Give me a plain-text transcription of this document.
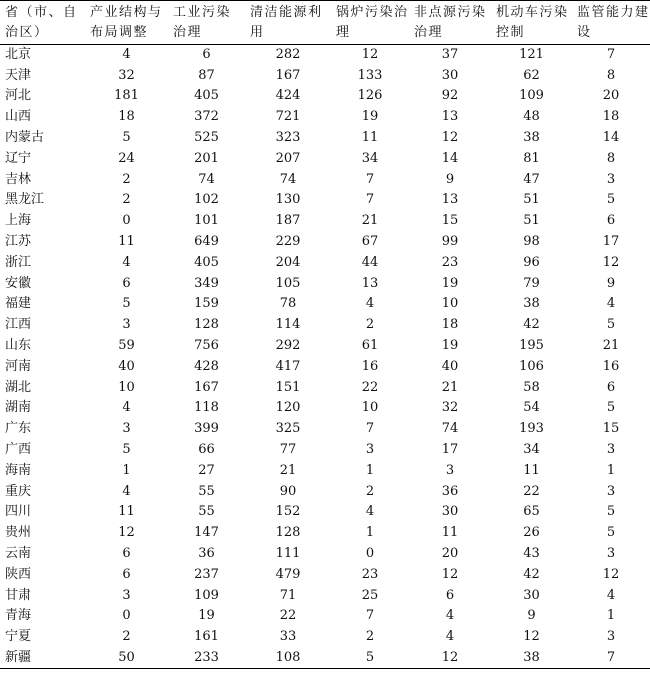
省（市、自治区）	产业结构与布局调整	工业污染治理	清洁能源利用	锅炉污染治理	非点源污染治理	机动车污染控制	监管能力建设
北京	4	6	282	12	37	121	7
天津	32	87	167	133	30	62	8
河北	181	405	424	126	92	109	20
山西	18	372	721	19	13	48	18
内蒙古	5	525	323	11	12	38	14
辽宁	24	201	207	34	14	81	8
吉林	2	74	74	7	9	47	3
黑龙江	2	102	130	7	13	51	5
上海	0	101	187	21	15	51	6
江苏	11	649	229	67	99	98	17
浙江	4	405	204	44	23	96	12
安徽	6	349	105	13	19	79	9
福建	5	159	78	4	10	38	4
江西	3	128	114	2	18	42	5
山东	59	756	292	61	19	195	21
河南	40	428	417	16	40	106	16
湖北	10	167	151	22	21	58	6
湖南	4	118	120	10	32	54	5
广东	3	399	325	7	74	193	15
广西	5	66	77	3	17	34	3
海南	1	27	21	1	3	11	1
重庆	4	55	90	2	36	22	3
四川	11	55	152	4	30	65	5
贵州	12	147	128	1	11	26	5
云南	6	36	111	0	20	43	3
陕西	6	237	479	23	12	42	12
甘肃	3	109	71	25	6	30	4
青海	0	19	22	7	4	9	1
宁夏	2	161	33	2	4	12	3
新疆	50	233	108	5	12	38	7
